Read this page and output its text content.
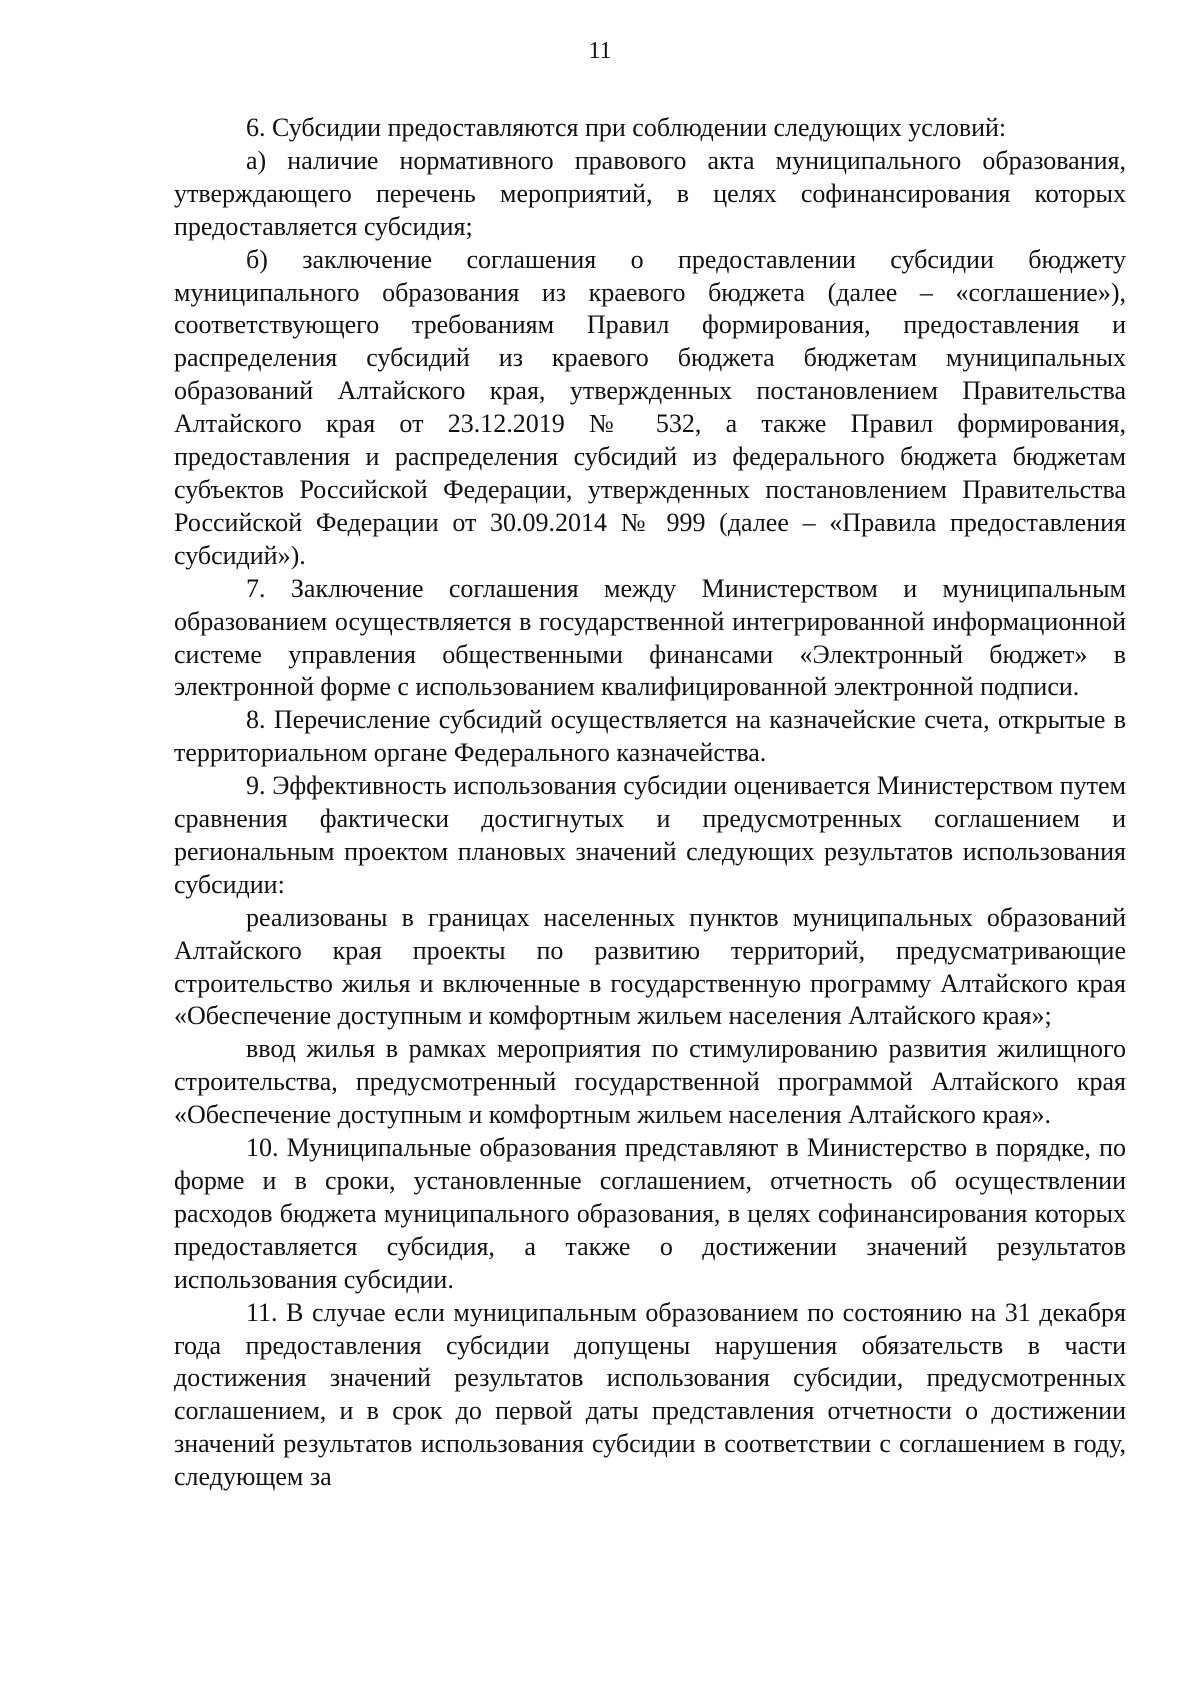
11

6. Субсидии предоставляются при соблюдении следующих условий:

а) наличие нормативного правового акта муниципального образования, утверждающего перечень мероприятий, в целях софинансирования которых предоставляется субсидия;

б) заключение соглашения о предоставлении субсидии бюджету муниципального образования из краевого бюджета (далее – «соглашение»), соответствующего требованиям Правил формирования, предоставления и распределения субсидий из краевого бюджета бюджетам муниципальных образований Алтайского края, утвержденных постановлением Правительства Алтайского края от 23.12.2019 № 532, а также Правил формирования, предоставления и распределения субсидий из федерального бюджета бюджетам субъектов Российской Федерации, утвержденных постановлением Правительства Российской Федерации от 30.09.2014 № 999 (далее – «Правила предоставления субсидий»).

7. Заключение соглашения между Министерством и муниципальным образованием осуществляется в государственной интегрированной информационной системе управления общественными финансами «Электронный бюджет» в электронной форме с использованием квалифицированной электронной подписи.

8. Перечисление субсидий осуществляется на казначейские счета, открытые в территориальном органе Федерального казначейства.

9. Эффективность использования субсидии оценивается Министерством путем сравнения фактически достигнутых и предусмотренных соглашением и региональным проектом плановых значений следующих результатов использования субсидии:

реализованы в границах населенных пунктов муниципальных образований Алтайского края проекты по развитию территорий, предусматривающие строительство жилья и включенные в государственную программу Алтайского края «Обеспечение доступным и комфортным жильем населения Алтайского края»;

ввод жилья в рамках мероприятия по стимулированию развития жилищного строительства, предусмотренный государственной программой Алтайского края «Обеспечение доступным и комфортным жильем населения Алтайского края».

10. Муниципальные образования представляют в Министерство в порядке, по форме и в сроки, установленные соглашением, отчетность об осуществлении расходов бюджета муниципального образования, в целях софинансирования которых предоставляется субсидия, а также о достижении значений результатов использования субсидии.

11. В случае если муниципальным образованием по состоянию на 31 декабря года предоставления субсидии допущены нарушения обязательств в части достижения значений результатов использования субсидии, предусмотренных соглашением, и в срок до первой даты представления отчетности о достижении значений результатов использования субсидии в соответствии с соглашением в году, следующем за
